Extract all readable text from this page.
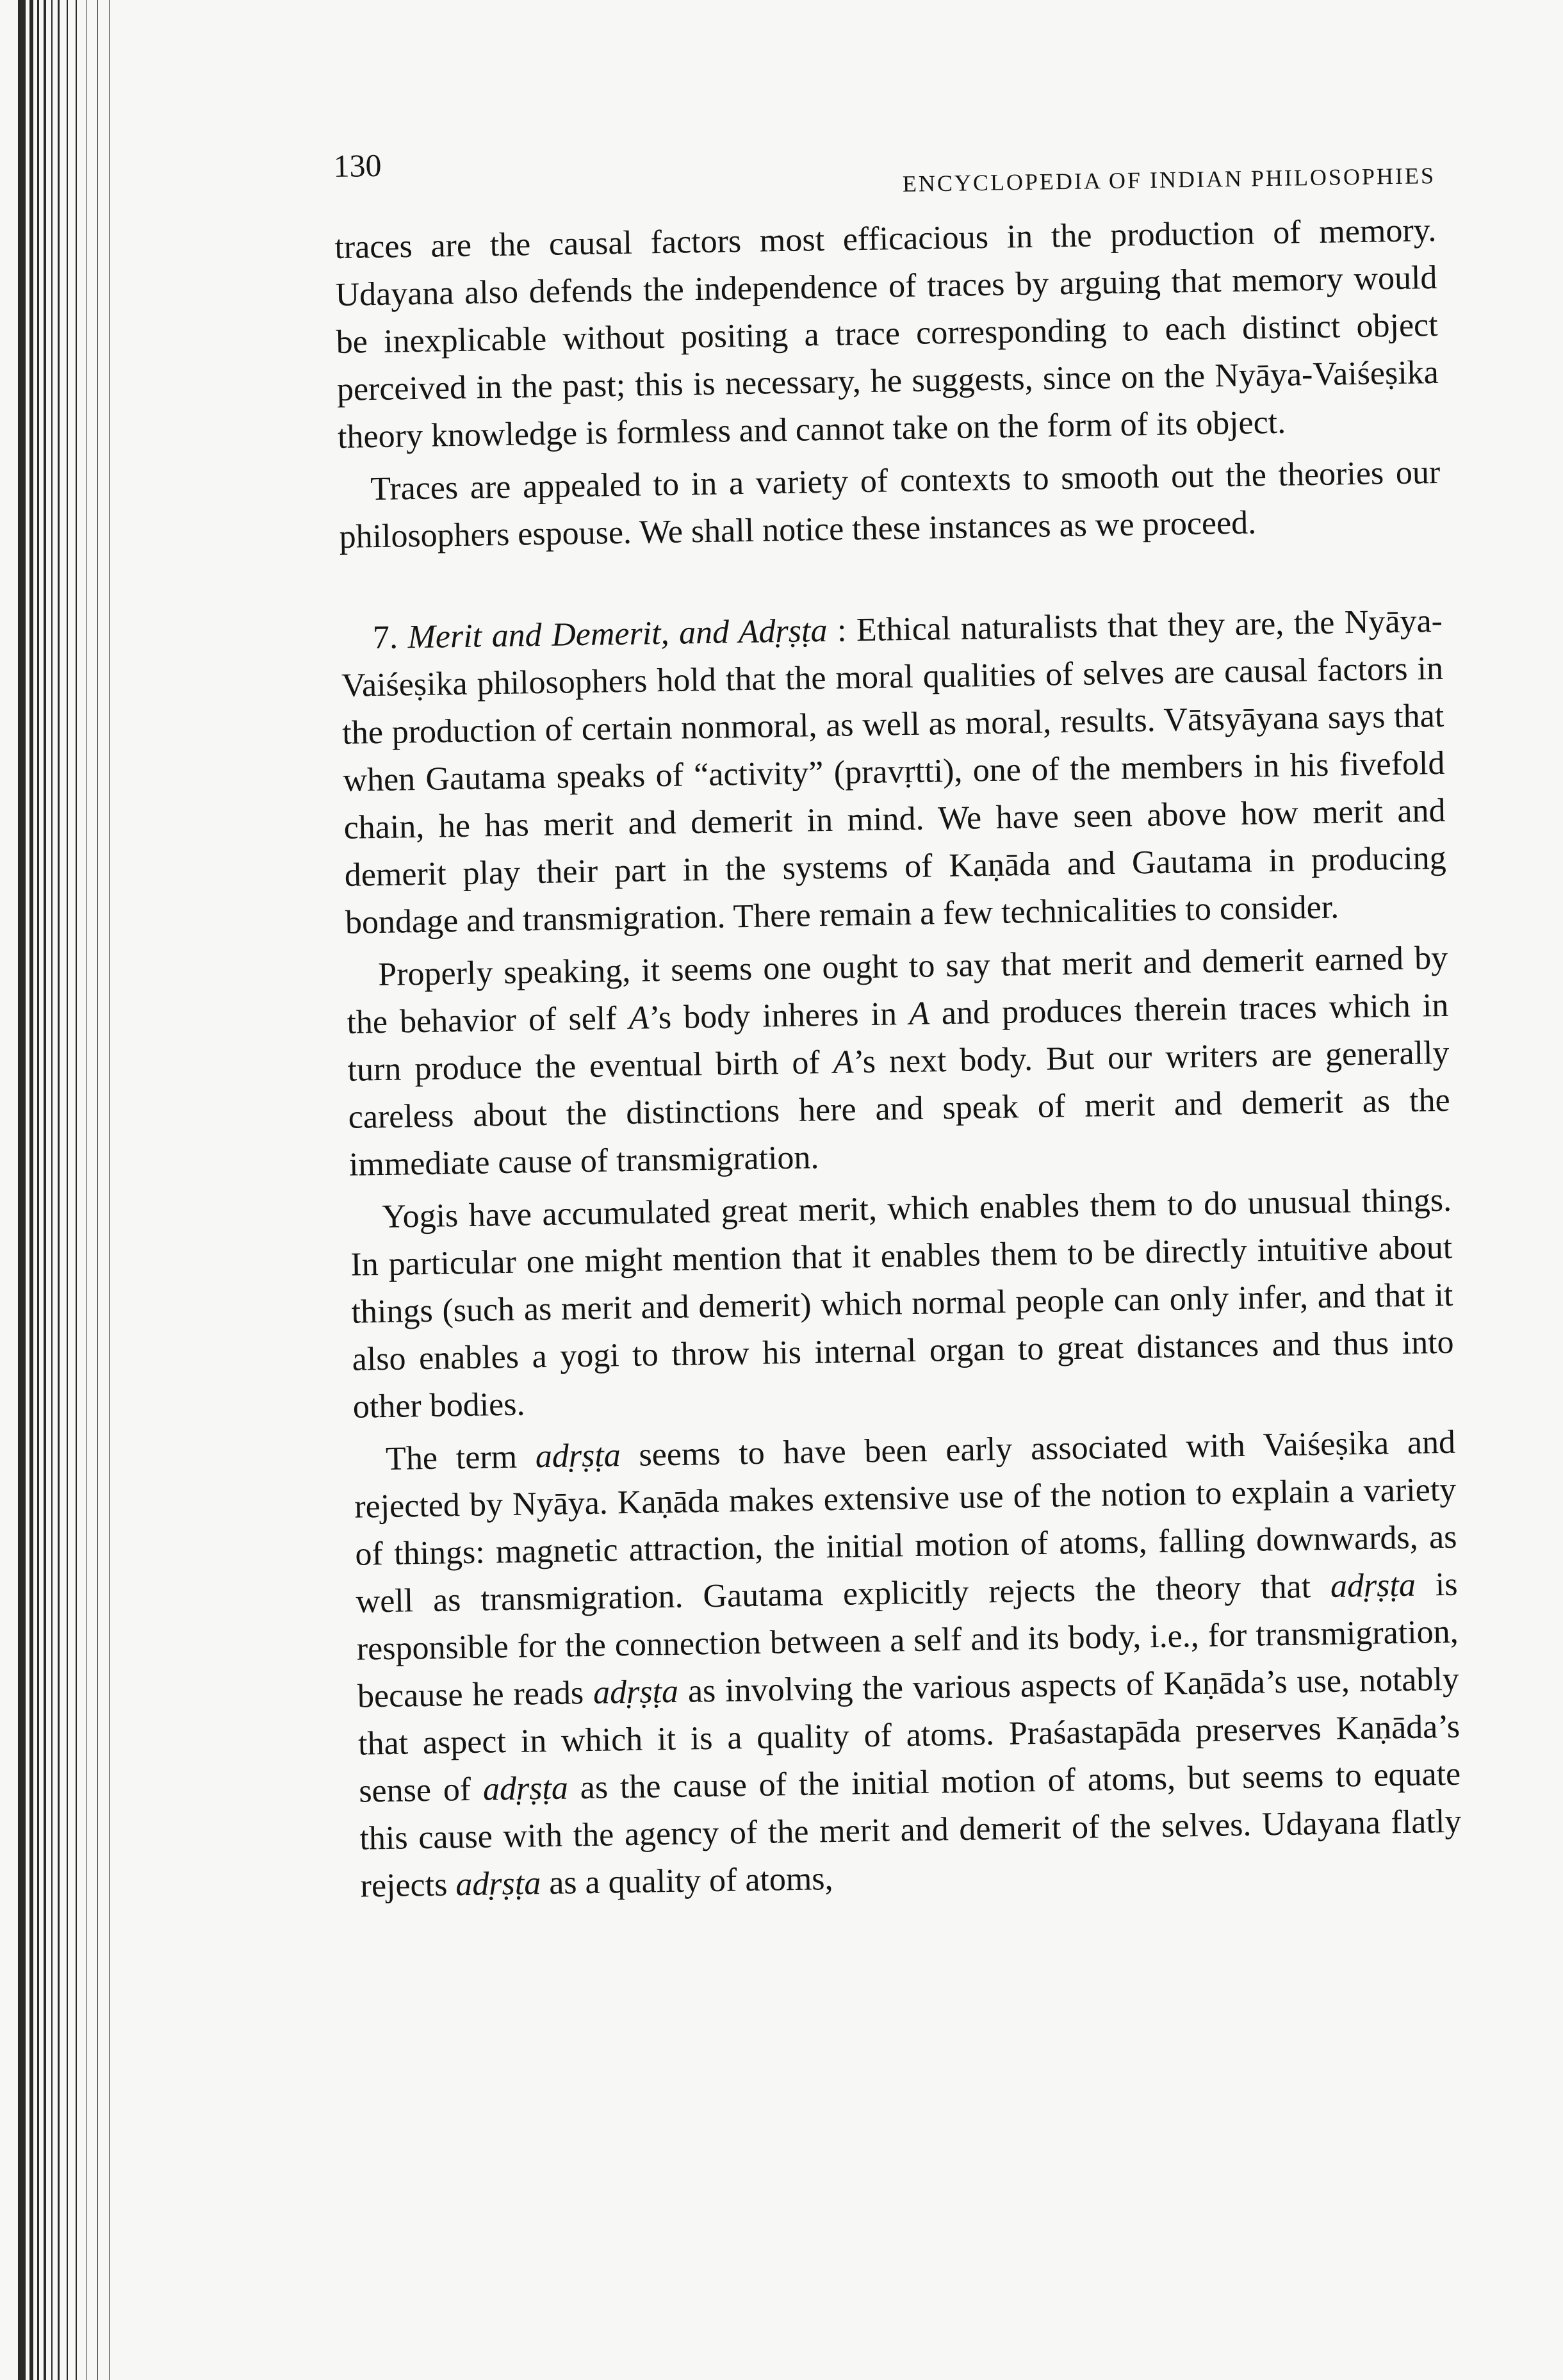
130	ENCYCLOPEDIA OF INDIAN PHILOSOPHIES

traces are the causal factors most efficacious in the production of memory. Udayana also defends the independence of traces by arguing that memory would be inexplicable without positing a trace corresponding to each distinct object perceived in the past; this is necessary, he suggests, since on the Nyāya-Vaiśeṣika theory knowledge is formless and cannot take on the form of its object.

Traces are appealed to in a variety of contexts to smooth out the theories our philosophers espouse. We shall notice these instances as we proceed.

7. Merit and Demerit, and Adṛṣṭa : Ethical naturalists that they are, the Nyāya-Vaiśeṣika philosophers hold that the moral qualities of selves are causal factors in the production of certain nonmoral, as well as moral, results. Vātsyāyana says that when Gautama speaks of “activity” (pravṛtti), one of the members in his fivefold chain, he has merit and demerit in mind. We have seen above how merit and demerit play their part in the systems of Kaṇāda and Gautama in producing bondage and transmigration. There remain a few technicalities to consider.

Properly speaking, it seems one ought to say that merit and demerit earned by the behavior of self A’s body inheres in A and produces therein traces which in turn produce the eventual birth of A’s next body. But our writers are generally careless about the distinctions here and speak of merit and demerit as the immediate cause of transmigration.

Yogis have accumulated great merit, which enables them to do unusual things. In particular one might mention that it enables them to be directly intuitive about things (such as merit and demerit) which normal people can only infer, and that it also enables a yogi to throw his internal organ to great distances and thus into other bodies.

The term adṛṣṭa seems to have been early associated with Vaiśeṣika and rejected by Nyāya. Kaṇāda makes extensive use of the notion to explain a variety of things: magnetic attraction, the initial motion of atoms, falling downwards, as well as transmigration. Gautama explicitly rejects the theory that adṛṣṭa is responsible for the connection between a self and its body, i.e., for transmigration, because he reads adṛṣṭa as involving the various aspects of Kaṇāda’s use, notably that aspect in which it is a quality of atoms. Praśastapāda preserves Kaṇāda’s sense of adṛṣṭa as the cause of the initial motion of atoms, but seems to equate this cause with the agency of the merit and demerit of the selves. Udayana flatly rejects adṛṣṭa as a quality of atoms,
